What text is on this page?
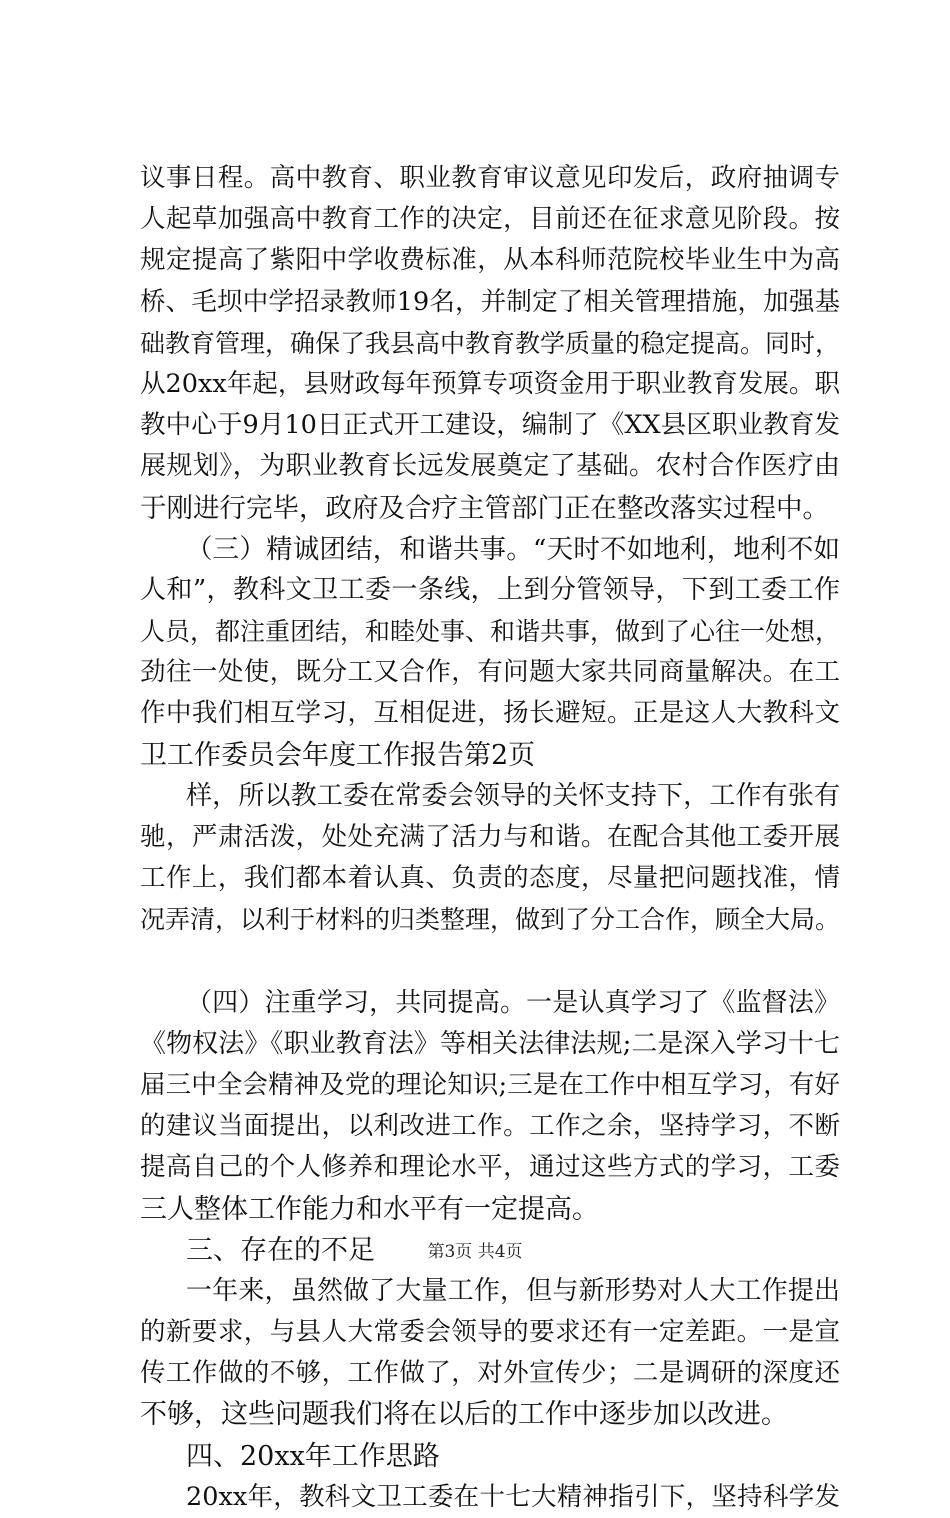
议事日程。高中教育、职业教育审议意见印发后，政府抽调专
人起草加强高中教育工作的决定，目前还在征求意见阶段。按
规定提高了紫阳中学收费标准，从本科师范院校毕业生中为高
桥、毛坝中学招录教师19名，并制定了相关管理措施，加强基
础教育管理，确保了我县高中教育教学质量的稳定提高。同时，
从20xx年起，县财政每年预算专项资金用于职业教育发展。职
教中心于9月10日正式开工建设，编制了《XX县区职业教育发
展规划》，为职业教育长远发展奠定了基础。农村合作医疗由
于刚进行完毕，政府及合疗主管部门正在整改落实过程中。
（三）精诚团结，和谐共事。“天时不如地利，地利不如
人和”，教科文卫工委一条线，上到分管领导，下到工委工作
人员，都注重团结，和睦处事、和谐共事，做到了心往一处想，
劲往一处使，既分工又合作，有问题大家共同商量解决。在工
作中我们相互学习，互相促进，扬长避短。正是这人大教科文
卫工作委员会年度工作报告第2页
样，所以教工委在常委会领导的关怀支持下，工作有张有
驰，严肃活泼，处处充满了活力与和谐。在配合其他工委开展
工作上，我们都本着认真、负责的态度，尽量把问题找准，情
况弄清，以利于材料的归类整理，做到了分工合作，顾全大局。
（四）注重学习，共同提高。一是认真学习了《监督法》
《物权法》《职业教育法》等相关法律法规;二是深入学习十七
届三中全会精神及党的理论知识;三是在工作中相互学习，有好
的建议当面提出，以利改进工作。工作之余，坚持学习，不断
提高自己的个人修养和理论水平，通过这些方式的学习，工委
三人整体工作能力和水平有一定提高。
三、存在的不足
一年来，虽然做了大量工作，但与新形势对人大工作提出
的新要求，与县人大常委会领导的要求还有一定差距。一是宣
传工作做的不够，工作做了，对外宣传少；二是调研的深度还
不够，这些问题我们将在以后的工作中逐步加以改进。
四、20xx年工作思路
20xx年，教科文卫工委在十七大精神指引下，坚持科学发
第3页 共4页
